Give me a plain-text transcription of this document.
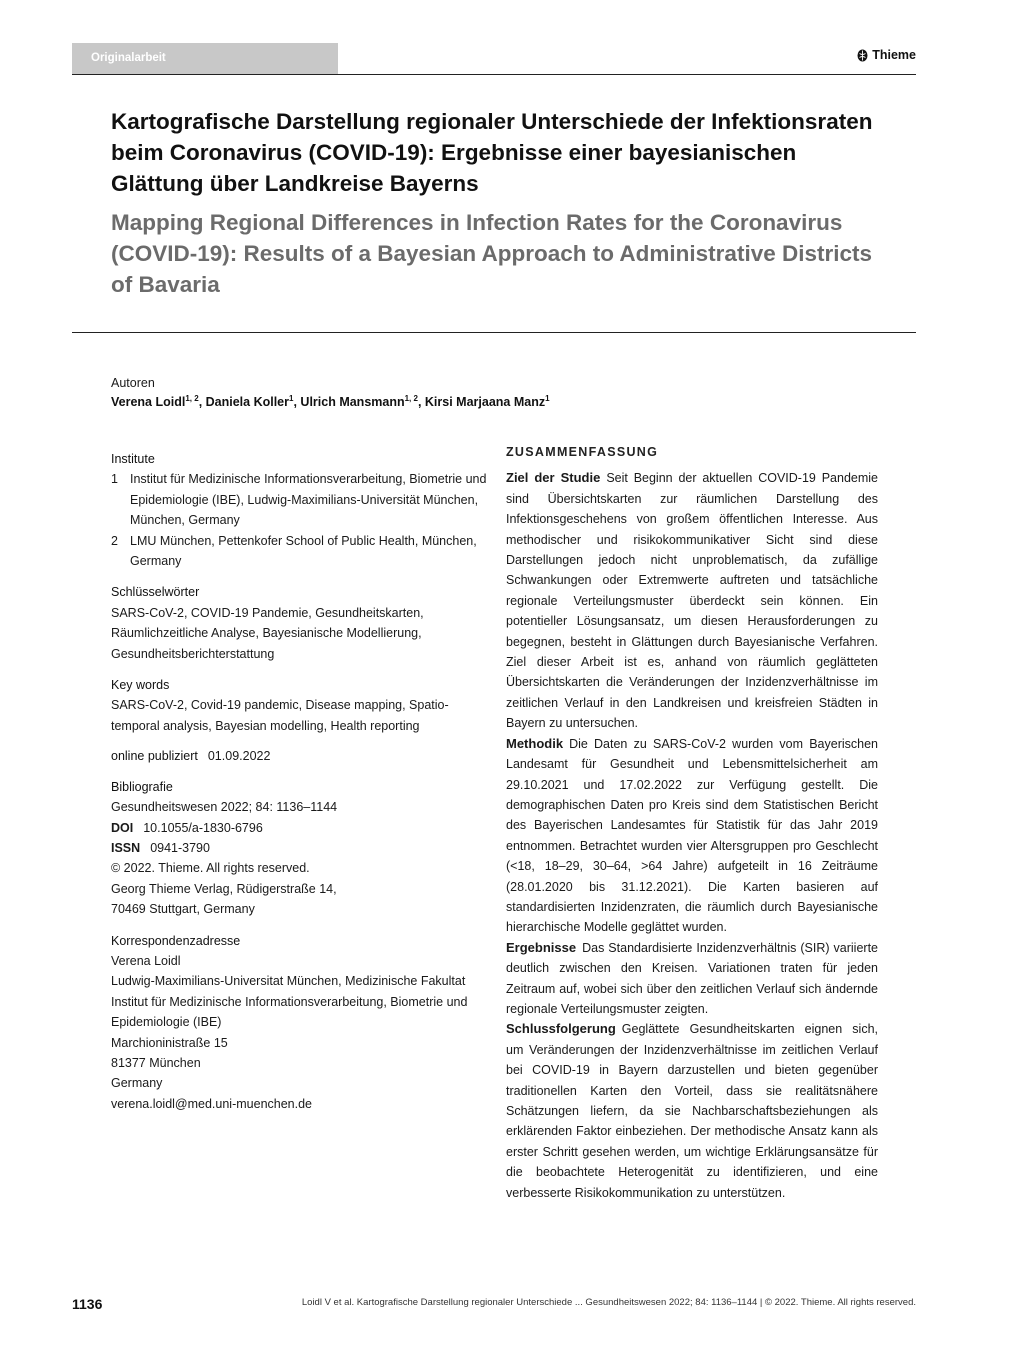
Originalarbeit	Thieme
Kartografische Darstellung regionaler Unterschiede der Infektionsraten beim Coronavirus (COVID-19): Ergebnisse einer bayesianischen Glättung über Landkreise Bayerns
Mapping Regional Differences in Infection Rates for the Coronavirus (COVID-19): Results of a Bayesian Approach to Administrative Districts of Bavaria
Autoren
Verena Loidl$^{1, 2}$, Daniela Koller$^1$, Ulrich Mansmann$^{1, 2}$, Kirsi Marjaana Manz$^1$
Institute
1 Institut für Medizinische Informationsverarbeitung, Biometrie und Epidemiologie (IBE), Ludwig-Maximilians-Universität München, München, Germany
2 LMU München, Pettenkofer School of Public Health, München, Germany
Schlüsselwörter
SARS-CoV-2, COVID-19 Pandemie, Gesundheitskarten, Räumlichzeitliche Analyse, Bayesianische Modellierung, Gesundheitsberichterstattung
Key words
SARS-CoV-2, Covid-19 pandemic, Disease mapping, Spatio-temporal analysis, Bayesian modelling, Health reporting
online publiziert 01.09.2022
Bibliografie
Gesundheitswesen 2022; 84: 1136–1144
DOI 10.1055/a-1830-6796
ISSN 0941-3790
© 2022. Thieme. All rights reserved.
Georg Thieme Verlag, Rüdigerstraße 14,
70469 Stuttgart, Germany
Korrespondenzadresse
Verena Loidl
Ludwig-Maximilians-Universitat München, Medizinische Fakultat
Institut für Medizinische Informationsverarbeitung, Biometrie und Epidemiologie (IBE)
Marchioninistraße 15
81377 München
Germany
verena.loidl@med.uni-muenchen.de
ZUSAMMENFASSUNG

Ziel der Studie Seit Beginn der aktuellen COVID-19 Pandemie sind Übersichtskarten zur räumlichen Darstellung des Infektionsgeschehens von großem öffentlichen Interesse. Aus methodischer und risikokommunikativer Sicht sind diese Darstellungen jedoch nicht unproblematisch, da zufällige Schwankungen oder Extremwerte auftreten und tatsächliche regionale Verteilungsmuster überdeckt sein können. Ein potentieller Lösungsansatz, um diesen Herausforderungen zu begegnen, besteht in Glättungen durch Bayesianische Verfahren. Ziel dieser Arbeit ist es, anhand von räumlich geglätteten Übersichtskarten die Veränderungen der Inzidenzverhältnisse im zeitlichen Verlauf in den Landkreisen und kreisfreien Städten in Bayern zu untersuchen.

Methodik Die Daten zu SARS-CoV-2 wurden vom Bayerischen Landesamt für Gesundheit und Lebensmittelsicherheit am 29.10.2021 und 17.02.2022 zur Verfügung gestellt. Die demographischen Daten pro Kreis sind dem Statistischen Bericht des Bayerischen Landesamtes für Statistik für das Jahr 2019 entnommen. Betrachtet wurden vier Altersgruppen pro Geschlecht (<18, 18–29, 30–64, >64 Jahre) aufgeteilt in 16 Zeiträume (28.01.2020 bis 31.12.2021). Die Karten basieren auf standardisierten Inzidenzraten, die räumlich durch Bayesianische hierarchische Modelle geglättet wurden.

Ergebnisse Das Standardisierte Inzidenzverhältnis (SIR) variierte deutlich zwischen den Kreisen. Variationen traten für jeden Zeitraum auf, wobei sich über den zeitlichen Verlauf sich ändernde regionale Verteilungsmuster zeigten.

Schlussfolgerung Geglättete Gesundheitskarten eignen sich, um Veränderungen der Inzidenzverhältnisse im zeitlichen Verlauf bei COVID-19 in Bayern darzustellen und bieten gegenüber traditionellen Karten den Vorteil, dass sie realitätsnähere Schätzungen liefern, da sie Nachbarschaftsbeziehungen als erklärenden Faktor einbeziehen. Der methodische Ansatz kann als erster Schritt gesehen werden, um wichtige Erklärungsansätze für die beobachtete Heterogenität zu identifizieren, und eine verbesserte Risikokommunikation zu unterstützen.

1136	Loidl V et al. Kartografische Darstellung regionaler Unterschiede ... Gesundheitswesen 2022; 84: 1136–1144 | © 2022. Thieme. All rights reserved.
